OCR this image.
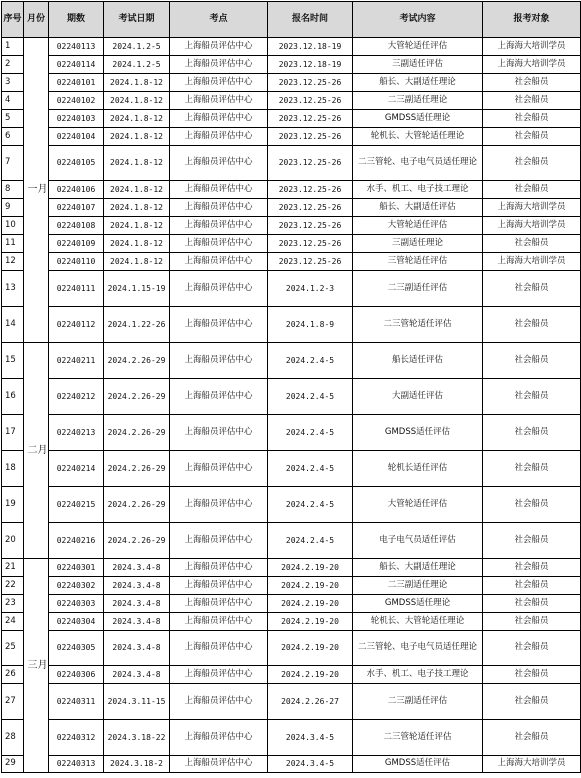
序号	月份	期数	考试日期	考点	报名时间	考试内容	报考对象

1	一月	02240113	2024.1.2-5	上海船员评估中心	2023.12.18-19	大管轮适任评估	上海海大培训学员

2		02240114	2024.1.2-5	上海船员评估中心	2023.12.18-19	三副适任评估	上海海大培训学员

3		02240101	2024.1.8-12	上海船员评估中心	2023.12.25-26	船长、大副适任理论	社会船员

4		02240102	2024.1.8-12	上海船员评估中心	2023.12.25-26	二三副适任理论	社会船员

5		02240103	2024.1.8-12	上海船员评估中心	2023.12.25-26	GMDSS适任理论	社会船员

6		02240104	2024.1.8-12	上海船员评估中心	2023.12.25-26	轮机长、大管轮适任理论	社会船员

7		02240105	2024.1.8-12	上海船员评估中心	2023.12.25-26	二三管轮、电子电气员适任理论	社会船员

8		02240106	2024.1.8-12	上海船员评估中心	2023.12.25-26	水手、机工、电子技工理论	社会船员

9		02240107	2024.1.8-12	上海船员评估中心	2023.12.25-26	船长、大副适任评估	上海海大培训学员

10		02240108	2024.1.8-12	上海船员评估中心	2023.12.25-26	大管轮适任评估	上海海大培训学员

11		02240109	2024.1.8-12	上海船员评估中心	2023.12.25-26	三副适任理论	社会船员

12		02240110	2024.1.8-12	上海船员评估中心	2023.12.25-26	三管轮适任评估	上海海大培训学员

13		02240111	2024.1.15-19	上海船员评估中心	2024.1.2-3	二三副适任评估	社会船员

14		02240112	2024.1.22-26	上海船员评估中心	2024.1.8-9	二三管轮适任评估	社会船员

15	二月	02240211	2024.2.26-29	上海船员评估中心	2024.2.4-5	船长适任评估	社会船员

16		02240212	2024.2.26-29	上海船员评估中心	2024.2.4-5	大副适任评估	社会船员

17		02240213	2024.2.26-29	上海船员评估中心	2024.2.4-5	GMDSS适任评估	社会船员

18		02240214	2024.2.26-29	上海船员评估中心	2024.2.4-5	轮机长适任评估	社会船员

19		02240215	2024.2.26-29	上海船员评估中心	2024.2.4-5	大管轮适任评估	社会船员

20		02240216	2024.2.26-29	上海船员评估中心	2024.2.4-5	电子电气员适任评估	社会船员

21	三月	02240301	2024.3.4-8	上海船员评估中心	2024.2.19-20	船长、大副适任理论	社会船员

22		02240302	2024.3.4-8	上海船员评估中心	2024.2.19-20	二三副适任理论	社会船员

23		02240303	2024.3.4-8	上海船员评估中心	2024.2.19-20	GMDSS适任理论	社会船员

24		02240304	2024.3.4-8	上海船员评估中心	2024.2.19-20	轮机长、大管轮适任理论	社会船员

25		02240305	2024.3.4-8	上海船员评估中心	2024.2.19-20	二三管轮、电子电气员适任理论	社会船员

26		02240306	2024.3.4-8	上海船员评估中心	2024.2.19-20	水手、机工、电子技工理论	社会船员

27		02240311	2024.3.11-15	上海船员评估中心	2024.2.26-27	二三副适任评估	社会船员

28		02240312	2024.3.18-22	上海船员评估中心	2024.3.4-5	二三管轮适任评估	社会船员

29		02240313	2024.3.18-2	上海船员评估中心	2024.3.4-5	GMDSS适任评估	上海海大培训学员
